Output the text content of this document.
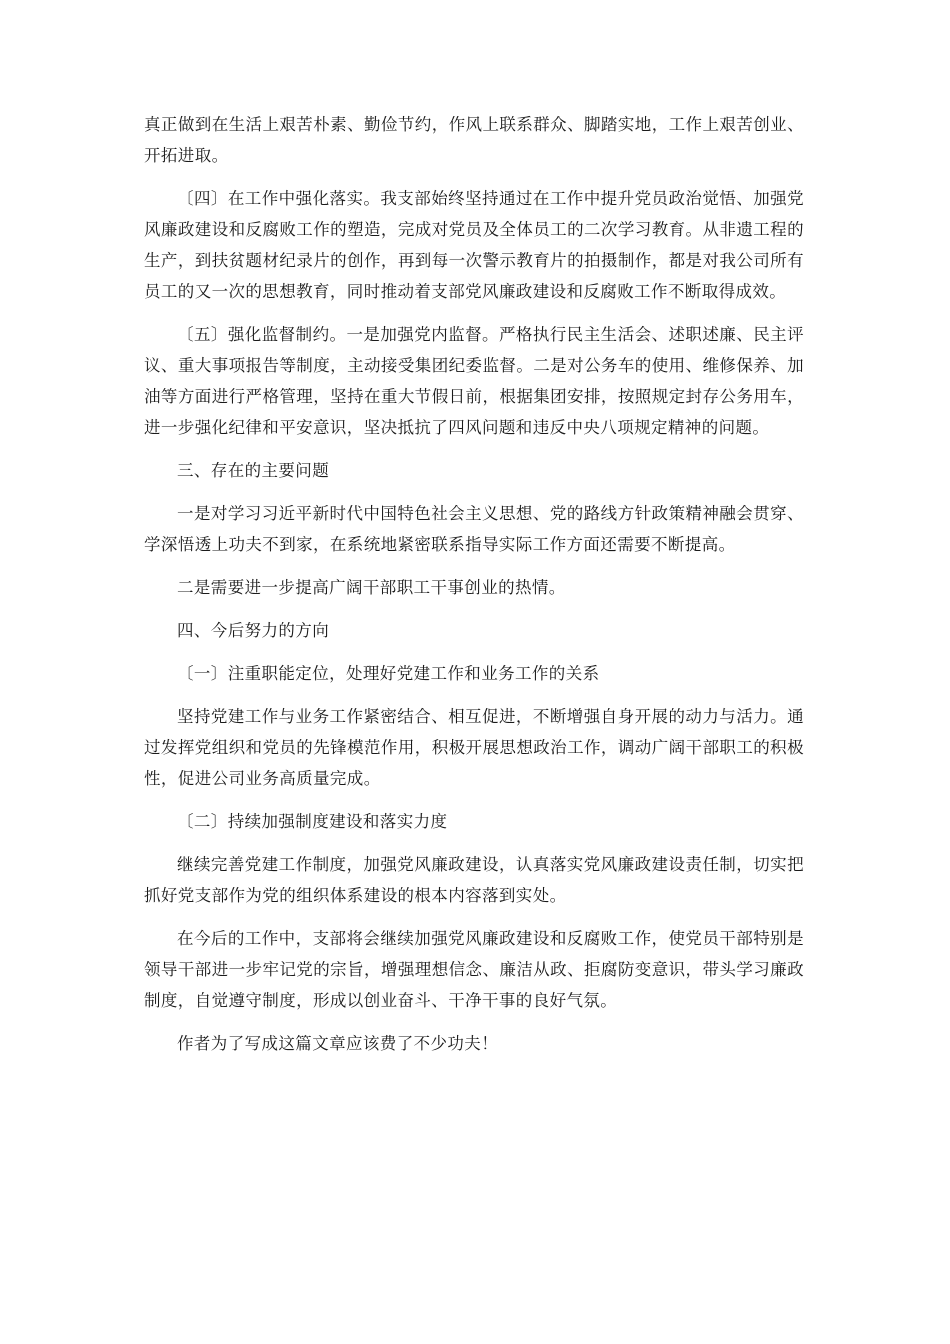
真正做到在生活上艰苦朴素、勤俭节约，作风上联系群众、脚踏实地，工作上艰苦创业、开拓进取。

〔四〕在工作中强化落实。我支部始终坚持通过在工作中提升党员政治觉悟、加强党风廉政建设和反腐败工作的塑造，完成对党员及全体员工的二次学习教育。从非遗工程的生产，到扶贫题材纪录片的创作，再到每一次警示教育片的拍摄制作，都是对我公司所有员工的又一次的思想教育，同时推动着支部党风廉政建设和反腐败工作不断取得成效。

〔五〕强化监督制约。一是加强党内监督。严格执行民主生活会、述职述廉、民主评议、重大事项报告等制度，主动接受集团纪委监督。二是对公务车的使用、维修保养、加油等方面进行严格管理，坚持在重大节假日前，根据集团安排，按照规定封存公务用车，进一步强化纪律和平安意识，坚决抵抗了四风问题和违反中央八项规定精神的问题。

三、存在的主要问题

一是对学习习近平新时代中国特色社会主义思想、党的路线方针政策精神融会贯穿、学深悟透上功夫不到家，在系统地紧密联系指导实际工作方面还需要不断提高。

二是需要进一步提高广阔干部职工干事创业的热情。

四、今后努力的方向

〔一〕注重职能定位，处理好党建工作和业务工作的关系

坚持党建工作与业务工作紧密结合、相互促进，不断增强自身开展的动力与活力。通过发挥党组织和党员的先锋模范作用，积极开展思想政治工作，调动广阔干部职工的积极性，促进公司业务高质量完成。

〔二〕持续加强制度建设和落实力度

继续完善党建工作制度，加强党风廉政建设，认真落实党风廉政建设责任制，切实把抓好党支部作为党的组织体系建设的根本内容落到实处。

在今后的工作中，支部将会继续加强党风廉政建设和反腐败工作，使党员干部特别是领导干部进一步牢记党的宗旨，增强理想信念、廉洁从政、拒腐防变意识，带头学习廉政制度，自觉遵守制度，形成以创业奋斗、干净干事的良好气氛。

作者为了写成这篇文章应该费了不少功夫！
